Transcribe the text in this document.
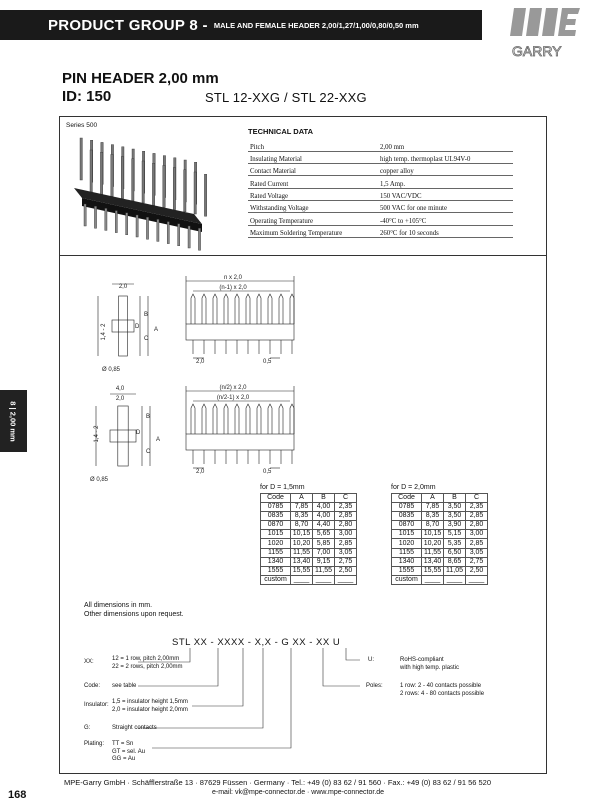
PRODUCT GROUP 8 - MALE AND FEMALE HEADER 2,00/1,27/1,00/0,80/0,50 mm
GARRY
PIN HEADER 2,00 mm
ID: 150	STL 12-XXG / STL 22-XXG
Series 500
TECHNICAL DATA
Pitch	2,00 mm
Insulating Material	high temp. thermoplast UL94V-0
Contact Material	copper alloy
Rated Current	1,5 Amp.
Rated Voltage	150 VAC/VDC
Withstanding Voltage	500 VAC for one minute
Operating Temperature	-40°C to +105°C
Maximum Soldering Temperature	260°C for 10 seconds
8 | 2,00 mm
n x 2,0
(n-1) x 2,0
2,0
1,4 - 2
B
A
C
D
Ø 0,85
2,0	0,5
(n/2) x 2,0
(n/2-1) x 2,0
4,0
2,0
1,4 - 2
B
A
C
D
Ø 0,85
2,0	0,5
for D = 1,5mm
Code	A	B	C
0785	7,85	4,00	2,35
0835	8,35	4,00	2,85
0870	8,70	4,40	2,80
1015	10,15	5,65	3,00
1020	10,20	5,85	2,85
1155	11,55	7,00	3,05
1340	13,40	9,15	2,75
1555	15,55	11,55	2,50
custom	____	____	____
for D = 2,0mm
Code	A	B	C
0785	7,85	3,50	2,35
0835	8,35	3,50	2,85
0870	8,70	3,90	2,80
1015	10,15	5,15	3,00
1020	10,20	5,35	2,85
1155	11,55	6,50	3,05
1340	13,40	8,65	2,75
1555	15,55	11,05	2,50
custom	____	____	____
All dimensions in mm.
Other dimensions upon request.
STL XX - XXXX - X,X - G XX - XX U
XX:	12 = 1 row, pitch 2,00mm
22 = 2 rows, pitch 2,00mm
Code: see table
Insulator: 1,5 = insulator height 1,5mm
2,0 = insulator height 2,0mm
G:	Straight contacts
Plating: TT = Sn
GT = sel. Au
GG = Au
U:	RoHS-compliant
with high temp. plastic
Poles:	1 row: 2 - 40 contacts possible
2 rows: 4 - 80 contacts possible
MPE-Garry GmbH · Schäfflerstraße 13 · 87629 Füssen · Germany · Tel.: +49 (0) 83 62 / 91 560 · Fax.: +49 (0) 83 62 / 91 56 520
e-mail: vk@mpe-connector.de · www.mpe-connector.de
168
